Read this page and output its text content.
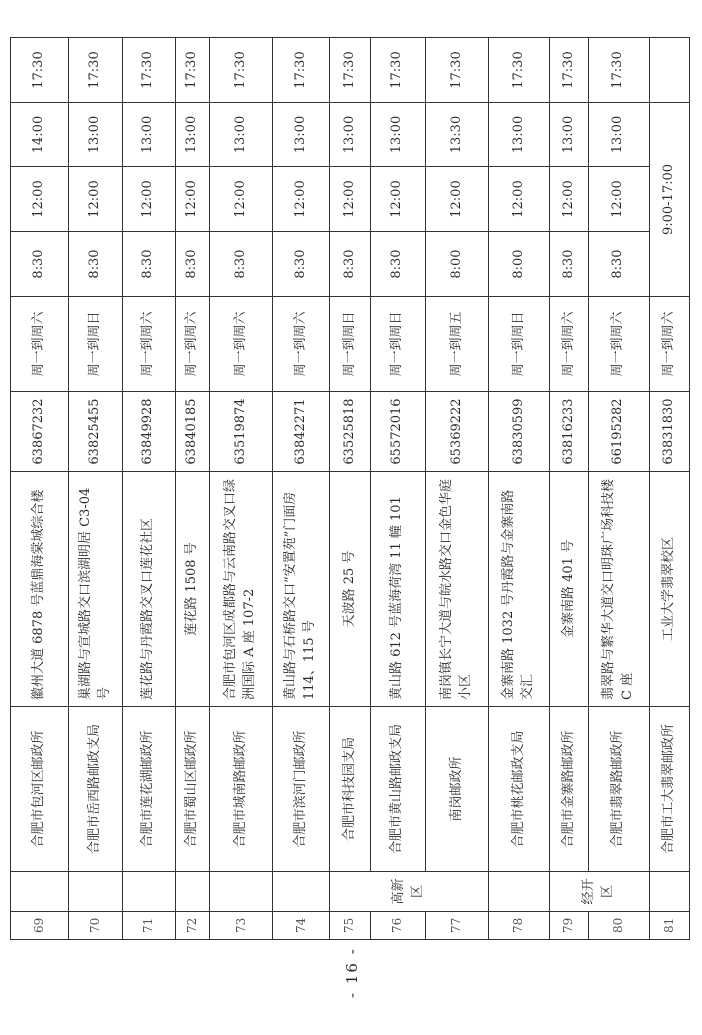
69		合肥市包河区邮政所	徽州大道 6878 号蓝鼎海棠城综合楼	63867232	周一到周六	8:30	12:00	14:00	17:30
70		合肥市岳西路邮政支局	巢湖路与宣城路交口滨湖明居 C3-04 号	63825455	周一到周日	8:30	12:00	13:00	17:30
71		合肥市莲花湖邮政所	莲花路与丹霞路交叉口莲花社区	63849928	周一到周六	8:30	12:00	13:00	17:30
72		合肥市蜀山区邮政所	莲花路 1508 号	63840185	周一到周六	8:30	12:00	13:00	17:30
73		合肥市城南路邮政所	合肥市包河区成都路与云南路交叉口绿洲国际 A 座 107-2	63519874	周一到周六	8:30	12:00	13:00	17:30
74		合肥市滨河门邮政所	黄山路与石桥路交口“安置苑”门面房 114、115 号	63842271	周一到周六	8:30	12:00	13:00	17:30
75	高新区	合肥市科技园支局	天波路 25 号	63525818	周一到周日	8:30	12:00	13:00	17:30
76		合肥市黄山路邮政支局	黄山路 612 号蓝海荷湾 11 幢 101	65572016	周一到周日	8:30	12:00	13:00	17:30
77		南岗邮政所	南岗镇长宁大道与皖水路交口金色华庭小区	65369222	周一到周五	8:00	12:00	13:30	17:30
78		合肥市桃花邮政支局	金寨南路 1032 号丹霞路与金寨南路交汇	63830599	周一到周日	8:00	12:00	13:00	17:30
79	经开区	合肥市金寨路邮政所	金寨南路 401 号	63816233	周一到周六	8:30	12:00	13:00	17:30
80		合肥市翡翠路邮政所	翡翠路与繁华大道交口明珠广场科技楼 C 座	66195282	周一到周六	8:30	12:00	13:00	17:30
81		合肥市工大翡翠邮政所	工业大学翡翠校区	63831830	周一到周六	9:00-17:00			
- 16 -
